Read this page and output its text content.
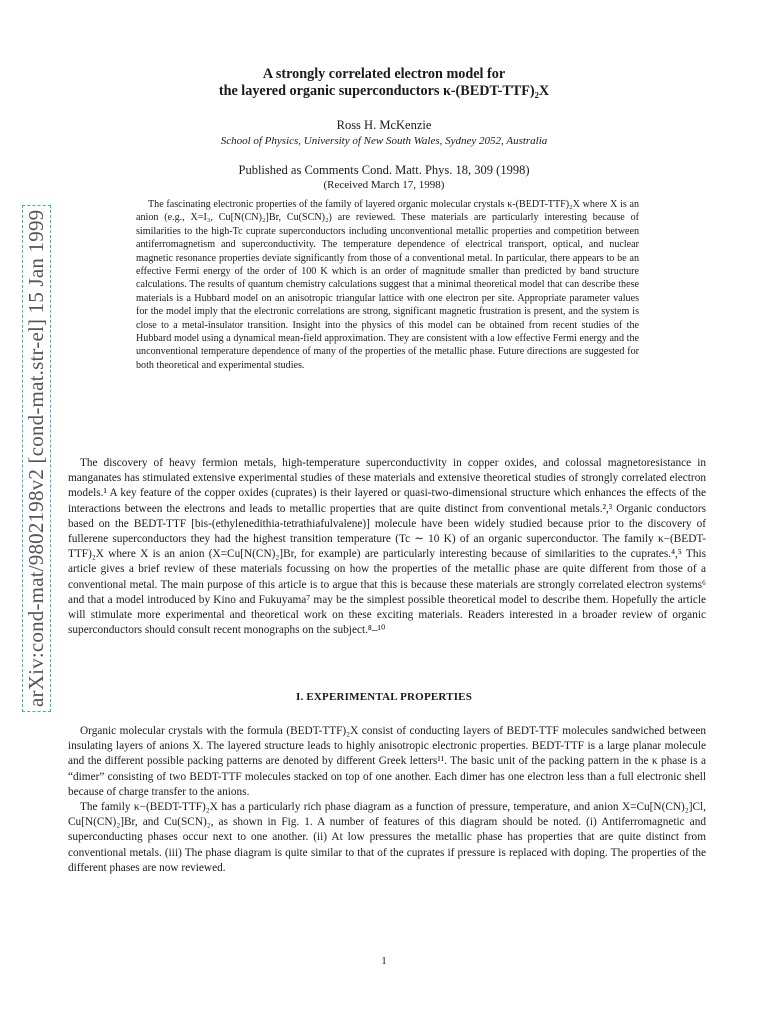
arXiv:cond-mat/9802198v2 [cond-mat.str-el] 15 Jan 1999
A strongly correlated electron model for
the layered organic superconductors κ-(BEDT-TTF)₂X
Ross H. McKenzie
School of Physics, University of New South Wales, Sydney 2052, Australia
Published as Comments Cond. Matt. Phys. 18, 309 (1998)
(Received March 17, 1998)
The fascinating electronic properties of the family of layered organic molecular crystals κ-(BEDT-TTF)₂X where X is an anion (e.g., X=I₃, Cu[N(CN)₂]Br, Cu(SCN)₂) are reviewed. These materials are particularly interesting because of similarities to the high-Tc cuprate superconductors including unconventional metallic properties and competition between antiferromagnetism and superconductivity. The temperature dependence of electrical transport, optical, and nuclear magnetic resonance properties deviate significantly from those of a conventional metal. In particular, there appears to be an effective Fermi energy of the order of 100 K which is an order of magnitude smaller than predicted by band structure calculations. The results of quantum chemistry calculations suggest that a minimal theoretical model that can describe these materials is a Hubbard model on an anisotropic triangular lattice with one electron per site. Appropriate parameter values for the model imply that the electronic correlations are strong, significant magnetic frustration is present, and the system is close to a metal-insulator transition. Insight into the physics of this model can be obtained from recent studies of the Hubbard model using a dynamical mean-field approximation. They are consistent with a low effective Fermi energy and the unconventional temperature dependence of many of the properties of the metallic phase. Future directions are suggested for both theoretical and experimental studies.
The discovery of heavy fermion metals, high-temperature superconductivity in copper oxides, and colossal magnetoresistance in manganates has stimulated extensive experimental studies of these materials and extensive theoretical studies of strongly correlated electron models.¹ A key feature of the copper oxides (cuprates) is their layered or quasi-two-dimensional structure which enhances the effects of the interactions between the electrons and leads to metallic properties that are quite distinct from conventional metals.²,³ Organic conductors based on the BEDT-TTF [bis-(ethylenedithia-tetrathiafulvalene)] molecule have been widely studied because prior to the discovery of fullerene superconductors they had the highest transition temperature (Tc ∼ 10 K) of an organic superconductor. The family κ−(BEDT-TTF)₂X where X is an anion (X=Cu[N(CN)₂]Br, for example) are particularly interesting because of similarities to the cuprates.⁴,⁵ This article gives a brief review of these materials focussing on how the properties of the metallic phase are quite different from those of a conventional metal. The main purpose of this article is to argue that this is because these materials are strongly correlated electron systems⁶ and that a model introduced by Kino and Fukuyama⁷ may be the simplest possible theoretical model to describe them. Hopefully the article will stimulate more experimental and theoretical work on these exciting materials. Readers interested in a broader review of organic superconductors should consult recent monographs on the subject.⁸–¹⁰
I. EXPERIMENTAL PROPERTIES

Organic molecular crystals with the formula (BEDT-TTF)₂X consist of conducting layers of BEDT-TTF molecules sandwiched between insulating layers of anions X. The layered structure leads to highly anisotropic electronic properties. BEDT-TTF is a large planar molecule and the different possible packing patterns are denoted by different Greek letters¹¹. The basic unit of the packing pattern in the κ phase is a “dimer” consisting of two BEDT-TTF molecules stacked on top of one another. Each dimer has one electron less than a full electronic shell because of charge transfer to the anions.

The family κ−(BEDT-TTF)₂X has a particularly rich phase diagram as a function of pressure, temperature, and anion X=Cu[N(CN)₂]Cl, Cu[N(CN)₂]Br, and Cu(SCN)₂, as shown in Fig. 1. A number of features of this diagram should be noted. (i) Antiferromagnetic and superconducting phases occur next to one another. (ii) At low pressures the metallic phase has properties that are quite distinct from conventional metals. (iii) The phase diagram is quite similar to that of the cuprates if pressure is replaced with doping. The properties of the different phases are now reviewed.

1
